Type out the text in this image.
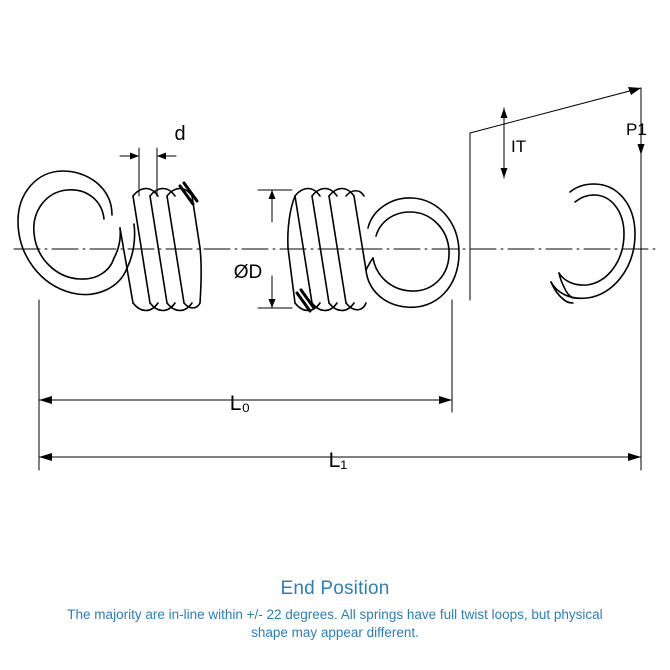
d
ØD
L₀
L₁
IT
P1
End Position
The majority are in-line within +/- 22 degrees. All springs have full twist loops, but physical shape may appear different.
